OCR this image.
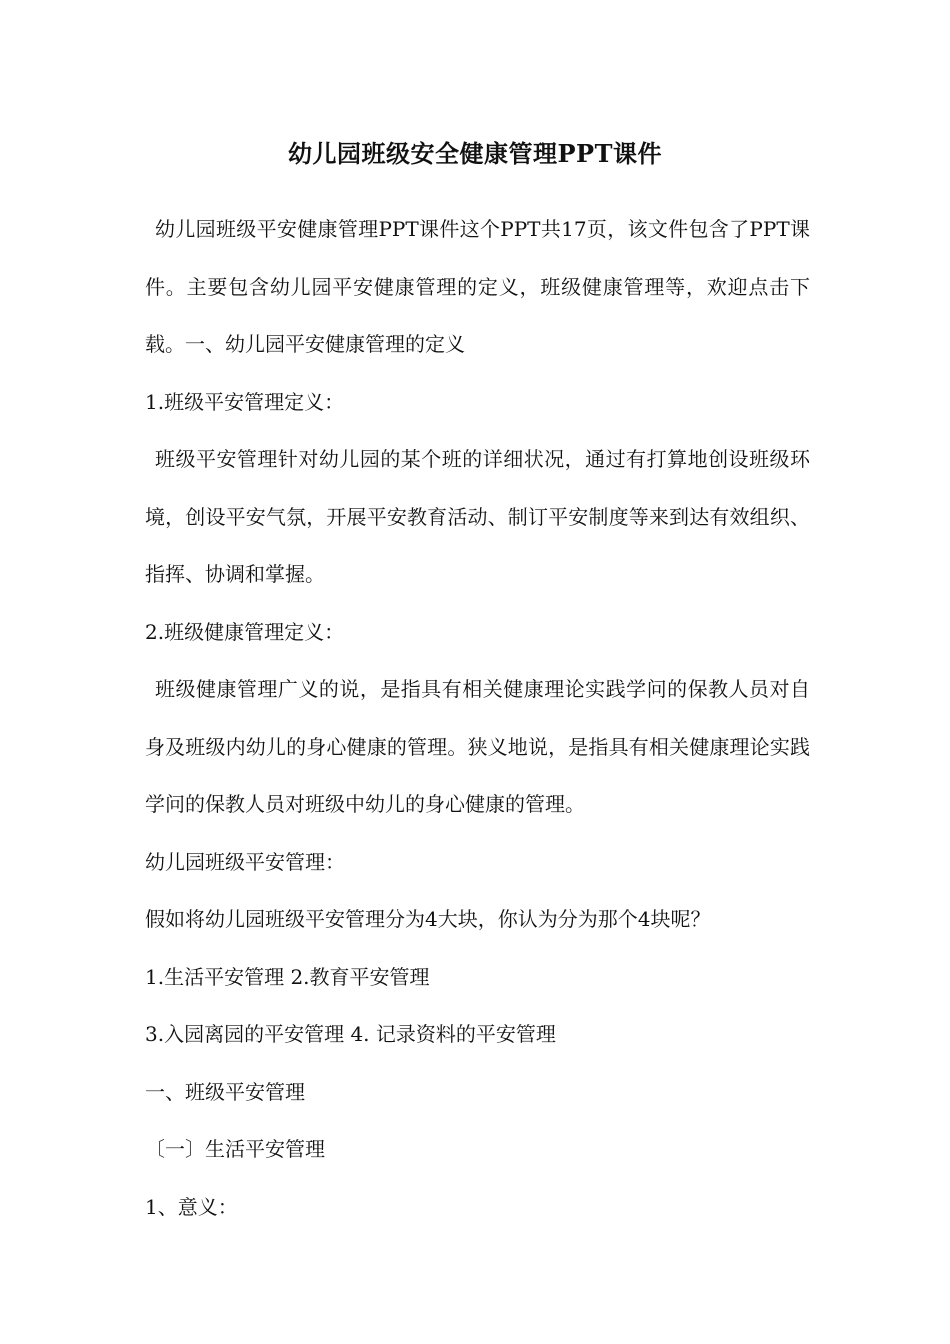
幼儿园班级安全健康管理PPT课件

幼儿园班级平安健康管理PPT课件这个PPT共17页，该文件包含了PPT课件。主要包含幼儿园平安健康管理的定义，班级健康管理等，欢迎点击下载。一、幼儿园平安健康管理的定义

1.班级平安管理定义：

班级平安管理针对幼儿园的某个班的详细状况，通过有打算地创设班级环境，创设平安气氛，开展平安教育活动、制订平安制度等来到达有效组织、指挥、协调和掌握。

2.班级健康管理定义：

班级健康管理广义的说，是指具有相关健康理论实践学问的保教人员对自身及班级内幼儿的身心健康的管理。狭义地说，是指具有相关健康理论实践学问的保教人员对班级中幼儿的身心健康的管理。

幼儿园班级平安管理：

假如将幼儿园班级平安管理分为4大块，你认为分为那个4块呢？

1.生活平安管理 2.教育平安管理

3.入园离园的平安管理 4. 记录资料的平安管理

一、班级平安管理

〔一〕生活平安管理

1、意义：
